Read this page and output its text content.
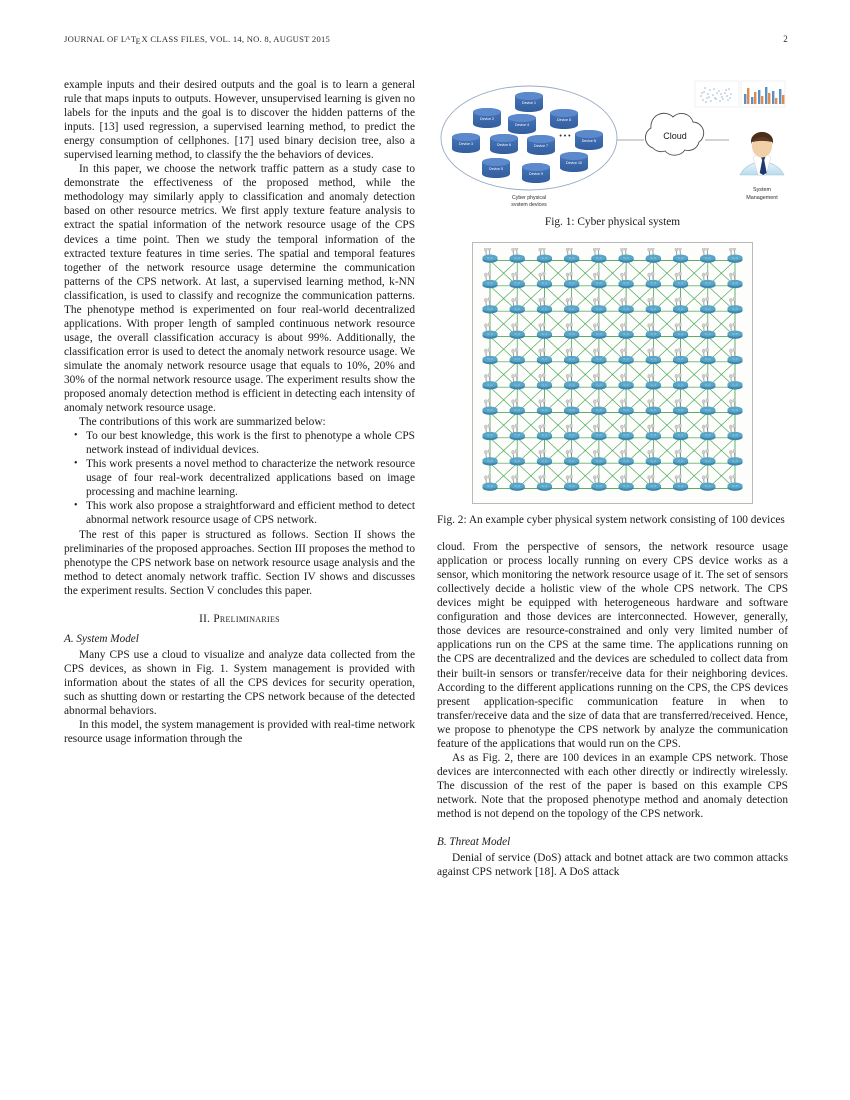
JOURNAL OF $L^ATEX$ CLASS FILES, VOL. 14, NO. 8, AUGUST 2015	2

example inputs and their desired outputs and the goal is to learn a general rule that maps inputs to outputs. However, unsupervised learning is given no labels for the inputs and the goal is to discover the hidden patterns of the inputs. [13] used regression, a supervised learning method, to predict the energy consumption of cellphones. [17] used binary decision tree, also a supervised learning method, to classify the the behaviors of devices.

In this paper, we choose the network traffic pattern as a study case to demonstrate the effectiveness of the proposed method, while the methodology may similarly apply to classification and anomaly detection based on other resource metrics. We first apply texture feature analysis to extract the spatial information of the network resource usage of the CPS devices a time point. Then we study the temporal information of the extracted texture features in time series. The spatial and temporal features together of the network resource usage determine the communication patterns of the CPS network. At last, a supervised learning method, k-NN classification, is used to classify and recognize the communication patterns. The phenotype method is experimented on four real-world decentralized applications. With proper length of sampled continuous network resource usage, the overall classification accuracy is about 99%. Additionally, the classification error is used to detect the anomaly network resource usage. We simulate the anomaly network resource usage that equals to 10%, 20% and 30% of the normal network resource usage. The experiment results show the proposed anomaly detection method is efficient in detecting each intensity of anomaly network resource usage.

The contributions of this work are summarized below:

• To our best knowledge, this work is the first to phenotype a whole CPS network instead of individual devices.
• This work presents a novel method to characterize the network resource usage of four real-work decentralized applications based on image processing and machine learning.
• This work also propose a straightforward and efficient method to detect abnormal network resource usage of CPS network.

The rest of this paper is structured as follows. Section II shows the preliminaries of the proposed approaches. Section III proposes the method to phenotype the CPS network base on network resource usage analysis and the method to detect anomaly network traffic. Section IV shows and discusses the experiment results. Section V concludes this paper.

II. Preliminaries
A. System Model

Many CPS use a cloud to visualize and analyze data collected from the CPS devices, as shown in Fig. 1. System management is provided with information about the states of all the CPS devices for security operation, such as shutting down or restarting the CPS network because of the detected abnormal behaviors.

In this model, the system management is provided with real-time network resource usage information through the

Device 1
Device 2
Device 4
Device 8
Device 3	Device 6	Device 7
Device N
Device 10
Device 5
Device 9
• • •
Cyber physical
system devices
Cloud
System
Management
Fig. 1: Cyber physical system
Fig. 2: An example cyber physical system network consisting of 100 devices

cloud. From the perspective of sensors, the network resource usage application or process locally running on every CPS device works as a sensor, which monitoring the network resource usage of it. The set of sensors collectively decide a holistic view of the whole CPS network. The CPS devices might be equipped with heterogeneous hardware and software configuration and those devices are interconnected. However, generally, those devices are resource-constrained and only very limited number of applications run on the CPS at the same time. The applications running on the CPS are decentralized and the devices are scheduled to collect data from their built-in sensors or transfer/receive data for their neighboring devices. According to the different applications running on the CPS, the CPS devices present application-specific communication feature in when to transfer/receive data and the size of data that are transferred/received. Hence, we propose to phenotype the CPS network by analyze the communication feature of the applications that would run on the CPS.

As as Fig. 2, there are 100 devices in an example CPS network. Those devices are interconnected with each other directly or indirectly wirelessly. The discussion of the rest of the paper is based on this example CPS network. Note that the proposed phenotype method and anomaly detection method is not depend on the topology of the CPS network.

B. Threat Model

Denial of service (DoS) attack and botnet attack are two common attacks against CPS network [18]. A DoS attack
